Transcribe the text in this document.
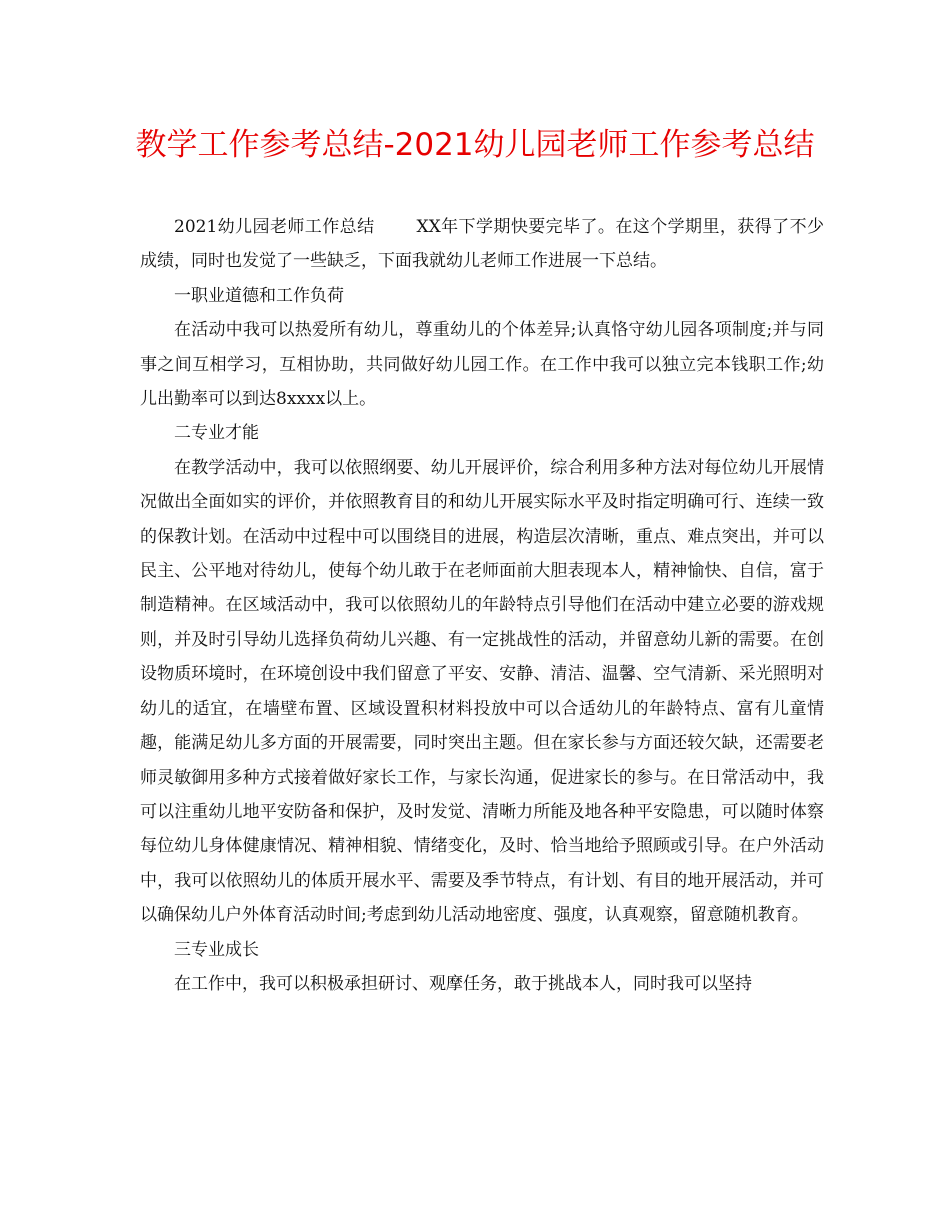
教学工作参考总结-2021幼儿园老师工作参考总结

2021幼儿园老师工作总结 XX年下学期快要完毕了。在这个学期里，获得了不少成绩，同时也发觉了一些缺乏，下面我就幼儿老师工作进展一下总结。

一职业道德和工作负荷

在活动中我可以热爱所有幼儿，尊重幼儿的个体差异;认真恪守幼儿园各项制度;并与同事之间互相学习，互相协助，共同做好幼儿园工作。在工作中我可以独立完本钱职工作;幼儿出勤率可以到达8xxxx以上。

二专业才能

在教学活动中，我可以依照纲要、幼儿开展评价，综合利用多种方法对每位幼儿开展情况做出全面如实的评价，并依照教育目的和幼儿开展实际水平及时指定明确可行、连续一致的保教计划。在活动中过程中可以围绕目的进展，构造层次清晰，重点、难点突出，并可以民主、公平地对待幼儿，使每个幼儿敢于在老师面前大胆表现本人，精神愉快、自信，富于制造精神。在区域活动中，我可以依照幼儿的年龄特点引导他们在活动中建立必要的游戏规则，并及时引导幼儿选择负荷幼儿兴趣、有一定挑战性的活动，并留意幼儿新的需要。在创设物质环境时，在环境创设中我们留意了平安、安静、清洁、温馨、空气清新、采光照明对幼儿的适宜，在墙壁布置、区域设置积材料投放中可以合适幼儿的年龄特点、富有儿童情趣，能满足幼儿多方面的开展需要，同时突出主题。但在家长参与方面还较欠缺，还需要老师灵敏御用多种方式接着做好家长工作，与家长沟通，促进家长的参与。在日常活动中，我可以注重幼儿地平安防备和保护，及时发觉、清晰力所能及地各种平安隐患，可以随时体察每位幼儿身体健康情况、精神相貌、情绪变化，及时、恰当地给予照顾或引导。在户外活动中，我可以依照幼儿的体质开展水平、需要及季节特点，有计划、有目的地开展活动，并可以确保幼儿户外体育活动时间;考虑到幼儿活动地密度、强度，认真观察，留意随机教育。

三专业成长

在工作中，我可以积极承担研讨、观摩任务，敢于挑战本人，同时我可以坚持
